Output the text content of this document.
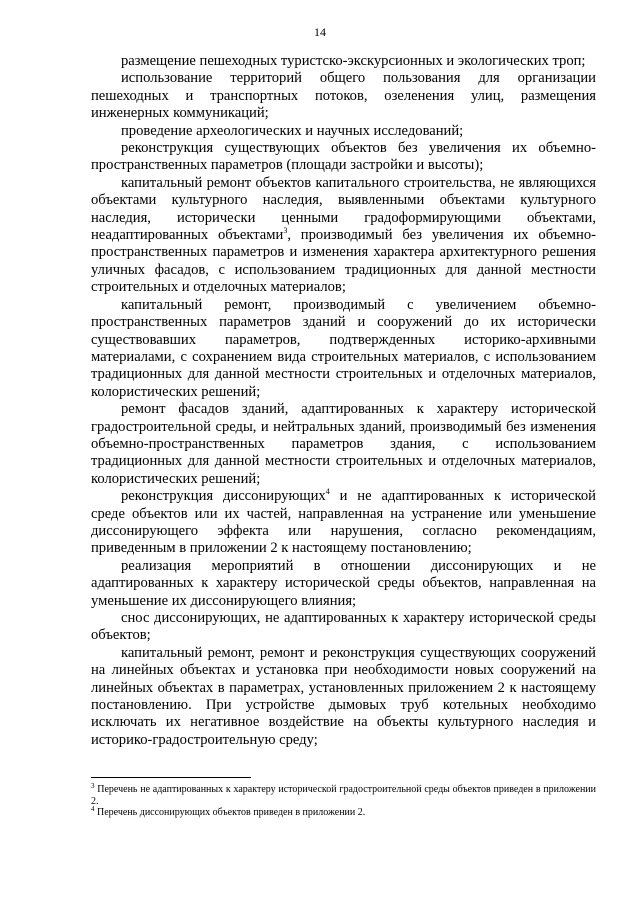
14

размещение пешеходных туристско-экскурсионных и экологических троп;

использование территорий общего пользования для организации пешеходных и транспортных потоков, озеленения улиц, размещения инженерных коммуникаций;

проведение археологических и научных исследований;

реконструкция существующих объектов без увеличения их объемно-пространственных параметров (площади застройки и высоты);

капитальный ремонт объектов капитального строительства, не являющихся объектами культурного наследия, выявленными объектами культурного наследия, исторически ценными градоформирующими объектами, неадаптированных объектами$^3$, производимый без увеличения их объемно-пространственных параметров и изменения характера архитектурного решения уличных фасадов, с использованием традиционных для данной местности строительных и отделочных материалов;

капитальный ремонт, производимый с увеличением объемно-пространственных параметров зданий и сооружений до их исторически существовавших параметров, подтвержденных историко-архивными материалами, с сохранением вида строительных материалов, с использованием традиционных для данной местности строительных и отделочных материалов, колористических решений;

ремонт фасадов зданий, адаптированных к характеру исторической градостроительной среды, и нейтральных зданий, производимый без изменения объемно-пространственных параметров здания, с использованием традиционных для данной местности строительных и отделочных материалов, колористических решений;

реконструкция диссонирующих$^4$ и не адаптированных к исторической среде объектов или их частей, направленная на устранение или уменьшение диссонирующего эффекта или нарушения, согласно рекомендациям, приведенным в приложении 2 к настоящему постановлению;

реализация мероприятий в отношении диссонирующих и не адаптированных к характеру исторической среды объектов, направленная на уменьшение их диссонирующего влияния;

снос диссонирующих, не адаптированных к характеру исторической среды объектов;

капитальный ремонт, ремонт и реконструкция существующих сооружений на линейных объектах и установка при необходимости новых сооружений на линейных объектах в параметрах, установленных приложением 2 к настоящему постановлению. При устройстве дымовых труб котельных необходимо исключать их негативное воздействие на объекты культурного наследия и историко-градостроительную среду;

$^3$ Перечень не адаптированных к характеру исторической градостроительной среды объектов приведен в приложении 2.

$^4$ Перечень диссонирующих объектов приведен в приложении 2.
